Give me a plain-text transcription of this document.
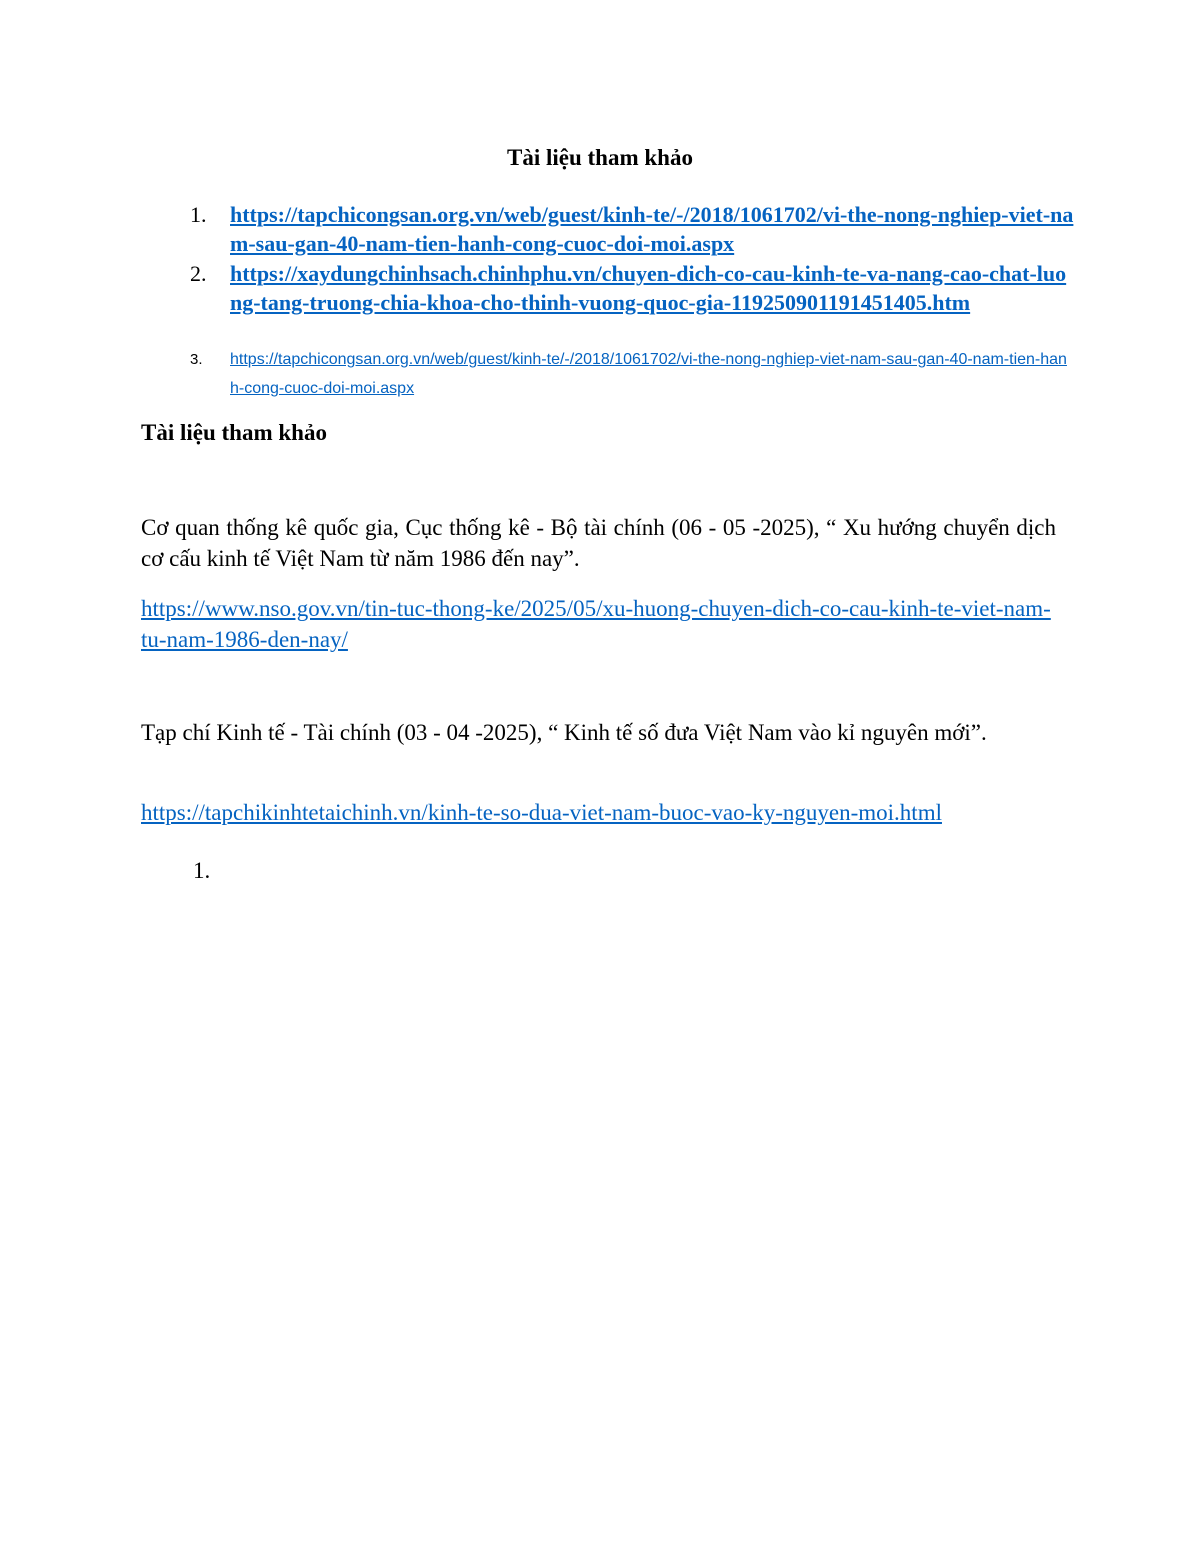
Tài liệu tham khảo
1.	https://tapchicongsan.org.vn/web/guest/kinh-te/-/2018/1061702/vi-the-nong-nghiep-viet-nam-sau-gan-40-nam-tien-hanh-cong-cuoc-doi-moi.aspx
2.	https://xaydungchinhsach.chinhphu.vn/chuyen-dich-co-cau-kinh-te-va-nang-cao-chat-luong-tang-truong-chia-khoa-cho-thinh-vuong-quoc-gia-119250901191451405.htm
3.	https://tapchicongsan.org.vn/web/guest/kinh-te/-/2018/1061702/vi-the-nong-nghiep-viet-nam-sau-gan-40-nam-tien-hanh-cong-cuoc-doi-moi.aspx
Tài liệu tham khảo
Cơ quan thống kê quốc gia, Cục thống kê - Bộ tài chính (06 - 05 -2025), “ Xu hướng chuyển dịch cơ cấu kinh tế Việt Nam từ năm 1986 đến nay”.
https://www.nso.gov.vn/tin-tuc-thong-ke/2025/05/xu-huong-chuyen-dich-co-cau-kinh-te-viet-nam-tu-nam-1986-den-nay/
Tạp chí Kinh tế - Tài chính (03 - 04 -2025), “ Kinh tế số đưa Việt Nam vào kỉ nguyên mới”.
https://tapchikinhtetaichinh.vn/kinh-te-so-dua-viet-nam-buoc-vao-ky-nguyen-moi.html
1.
